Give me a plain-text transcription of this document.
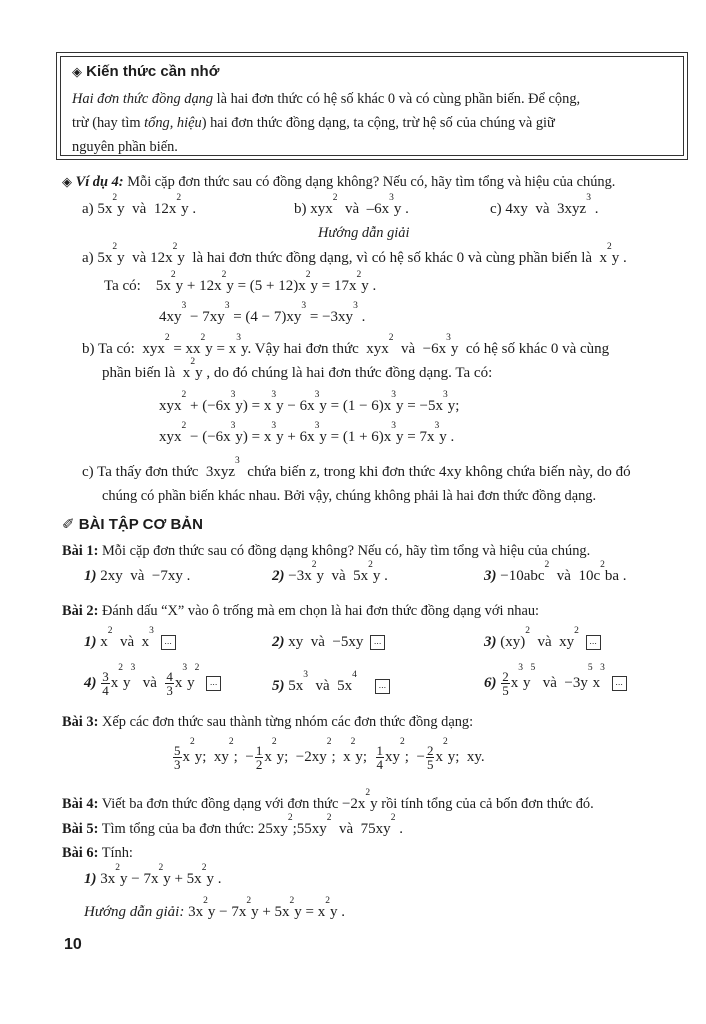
◈ Kiến thức cần nhớ
Hai đơn thức đồng dạng là hai đơn thức có hệ số khác 0 và có cùng phần biến. Để cộng,
trừ (hay tìm tổng, hiệu) hai đơn thức đồng dạng, ta cộng, trừ hệ số của chúng và giữ
nguyên phần biến.
◈ Ví dụ 4: Mỗi cặp đơn thức sau có đồng dạng không? Nếu có, hãy tìm tổng và hiệu của chúng.
a) $5x^2y$  và  $12x^2y$ .	b) xyx$^2$  và  $-6x^3y$ .	c) 4xy  và  3xyz$^3$ .
Hướng dẫn giải
a) $5x^2y$  và $12x^2y$  là hai đơn thức đồng dạng, vì có hệ số khác 0 và cùng phần biến là  $x^2y$ .
Ta có:    $5x^2y + 12x^2y = (5 + 12)x^2y = 17x^2y$ .
$4xy^3 - 7xy^3 = (4 - 7)xy^3 = -3xy^3$ .
b) Ta có:  $xyx^2 = xx^2y = x^3y$. Vậy hai đơn thức  xyx$^2$  và  $-6x^3y$  có hệ số khác 0 và cùng
phần biến là  $x^2y$ , do đó chúng là hai đơn thức đồng dạng. Ta có:
$xyx^2 + (-6x^3y) = x^3y - 6x^3y = (1 - 6)x^3y = -5x^3y$;
$xyx^2 - (-6x^3y) = x^3y + 6x^3y = (1 + 6)x^3y = 7x^3y$ .
c) Ta thấy đơn thức  3xyz$^3$  chứa biến z, trong khi đơn thức 4xy không chứa biến này, do đó
chúng có phần biến khác nhau. Bởi vậy, chúng không phải là hai đơn thức đồng dạng.
✐ BÀI TẬP CƠ BẢN
Bài 1: Mỗi cặp đơn thức sau có đồng dạng không? Nếu có, hãy tìm tổng và hiệu của chúng.
1) 2xy  và  −7xy .	$2) -3x^2y$  và  $5x^2y$ .	3) −10abc$^2$  và  $10c^2ba$ .
Bài 2: Đánh dấu “X” vào ô trống mà em chọn là hai đơn thức đồng dạng với nhau:
1) $x^2$  và  $x^3$ ...	2) xy  và  −5xy ...	3) (xy)$^2$  và  $xy^2$ ...
$4) \frac{3}{4} x^2y^3$  và $\frac{4}{3} x^3y^2$ ...	5) $5x^3$  và  $5x^4$    ...	$6) \frac{2}{5} x^3y^5$  và  $-3y^5x^3$ ...
Bài 3: Xếp các đơn thức sau thành từng nhóm các đơn thức đồng dạng:
$\frac{5}{3} x^2y$;  $xy^2$;  − $\frac{1}{2} x^2y$;  $-2xy^2$;  $x^2y$; $\frac{1}{4} xy^2$;  − $\frac{2}{5} x^2y$;  xy.
Bài 4: Viết ba đơn thức đồng dạng với đơn thức $-2x^2y$ rồi tính tổng của cả bốn đơn thức đó.
Bài 5: Tìm tổng của ba đơn thức: $25xy^2;55xy^2$  và  $75xy^2$ .
Bài 6: Tính:
1) $3x^2y - 7x^2y + 5x^2y$ .
Hướng dẫn giải: $3x^2y - 7x^2y + 5x^2y = x^2y$ .
10
